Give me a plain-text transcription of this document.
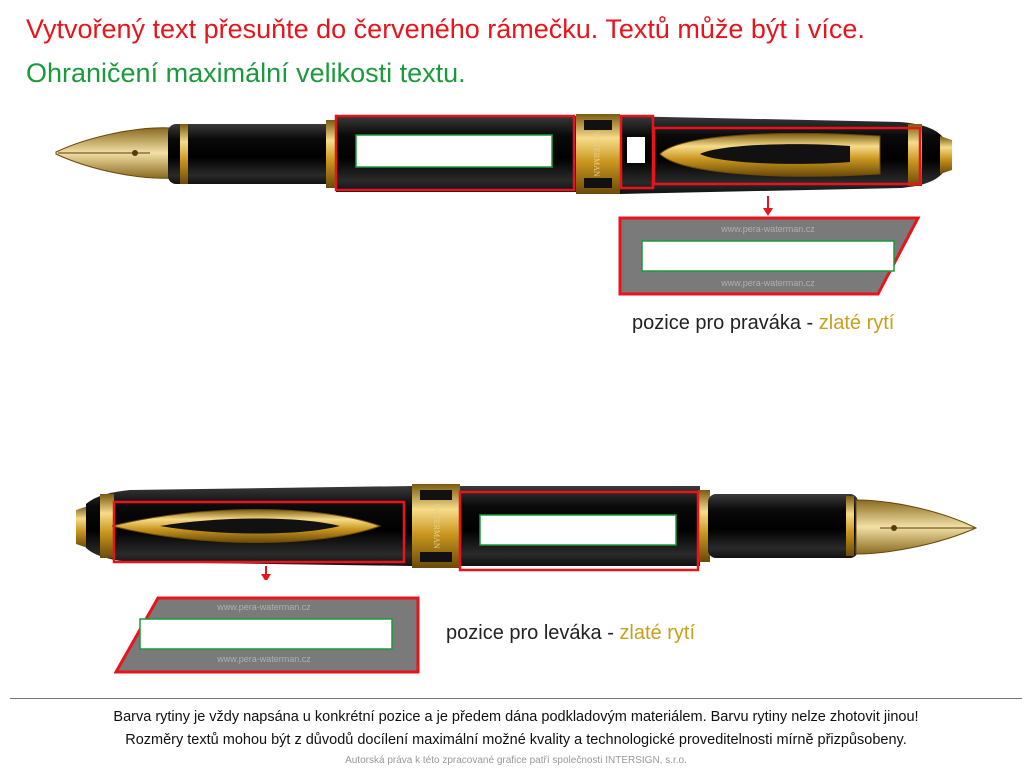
Vytvořený text přesuňte do červeného rámečku. Textů může být i více.
Ohraničení maximální velikosti textu.
WATERMAN
www.pera-waterman.cz
www.pera-waterman.cz
pozice pro praváka - zlaté rytí
WATERMAN
www.pera-waterman.cz
www.pera-waterman.cz
pozice pro leváka - zlaté rytí
Barva rytiny je vždy napsána u konkrétní pozice a je předem dána podkladovým materiálem. Barvu rytiny nelze zhotovit jinou!
Rozměry textů mohou být z důvodů docílení maximální možné kvality a technologické proveditelnosti mírně přizpůsobeny.
Autorská práva k této zpracované grafice patří společnosti INTERSIGN, s.r.o.
